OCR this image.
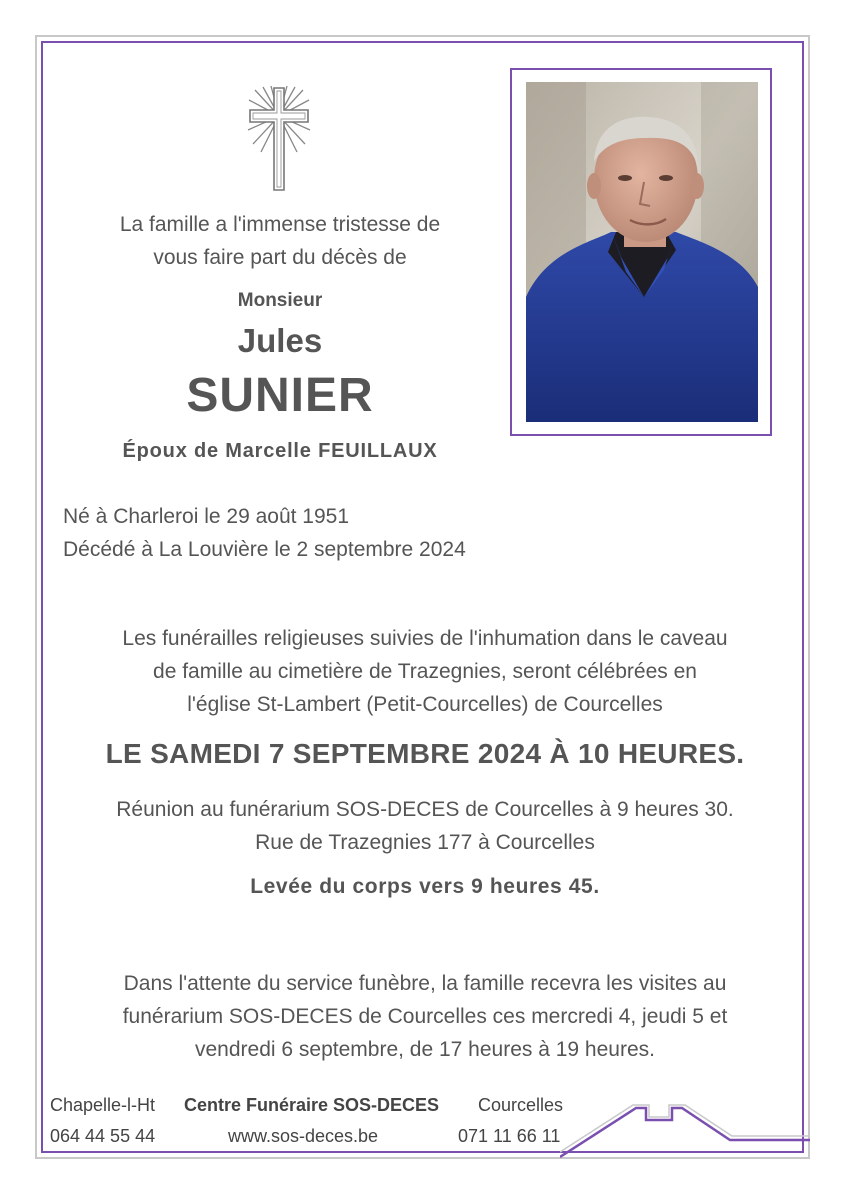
La famille a l'immense tristesse de
vous faire part du décès de
Monsieur
Jules
SUNIER
Époux de Marcelle FEUILLAUX
Né à Charleroi le 29 août 1951
Décédé à La Louvière le 2 septembre 2024
Les funérailles religieuses suivies de l'inhumation dans le caveau
de famille au cimetière de Trazegnies, seront célébrées en
l'église St-Lambert (Petit-Courcelles) de Courcelles
LE SAMEDI 7 SEPTEMBRE 2024 À 10 HEURES.
Réunion au funérarium SOS-DECES de Courcelles à 9 heures 30.
Rue de Trazegnies 177 à Courcelles
Levée du corps vers 9 heures 45.
Dans l'attente du service funèbre, la famille recevra les visites au
funérarium SOS-DECES de Courcelles ces mercredi 4, jeudi 5 et
vendredi 6 septembre, de 17 heures à 19 heures.
Chapelle-l-Ht
064 44 55 44
Centre Funéraire SOS-DECES
www.sos-deces.be
Courcelles
071 11 66 11
